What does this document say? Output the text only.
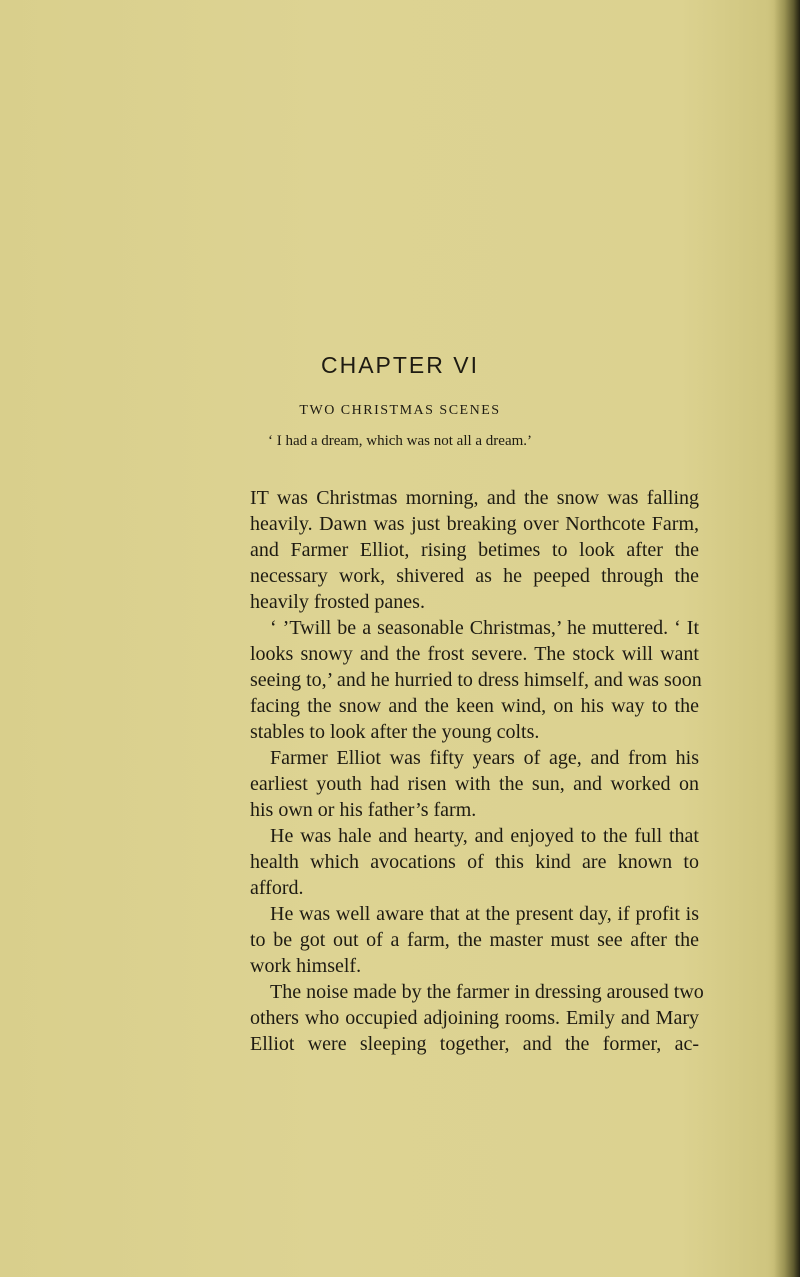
CHAPTER VI
TWO CHRISTMAS SCENES
‘ I had a dream, which was not all a dream.’
IT was Christmas morning, and the snow was falling
heavily. Dawn was just breaking over Northcote Farm,
and Farmer Elliot, rising betimes to look after the
necessary work, shivered as he peeped through the
heavily frosted panes.
‘ ’Twill be a seasonable Christmas,’ he muttered. ‘ It
looks snowy and the frost severe. The stock will want
seeing to,’ and he hurried to dress himself, and was soon
facing the snow and the keen wind, on his way to the
stables to look after the young colts.
Farmer Elliot was fifty years of age, and from his
earliest youth had risen with the sun, and worked on
his own or his father’s farm.
He was hale and hearty, and enjoyed to the full that
health which avocations of this kind are known to
afford.
He was well aware that at the present day, if profit is
to be got out of a farm, the master must see after the
work himself.
The noise made by the farmer in dressing aroused two
others who occupied adjoining rooms. Emily and Mary
Elliot were sleeping together, and the former, ac-
